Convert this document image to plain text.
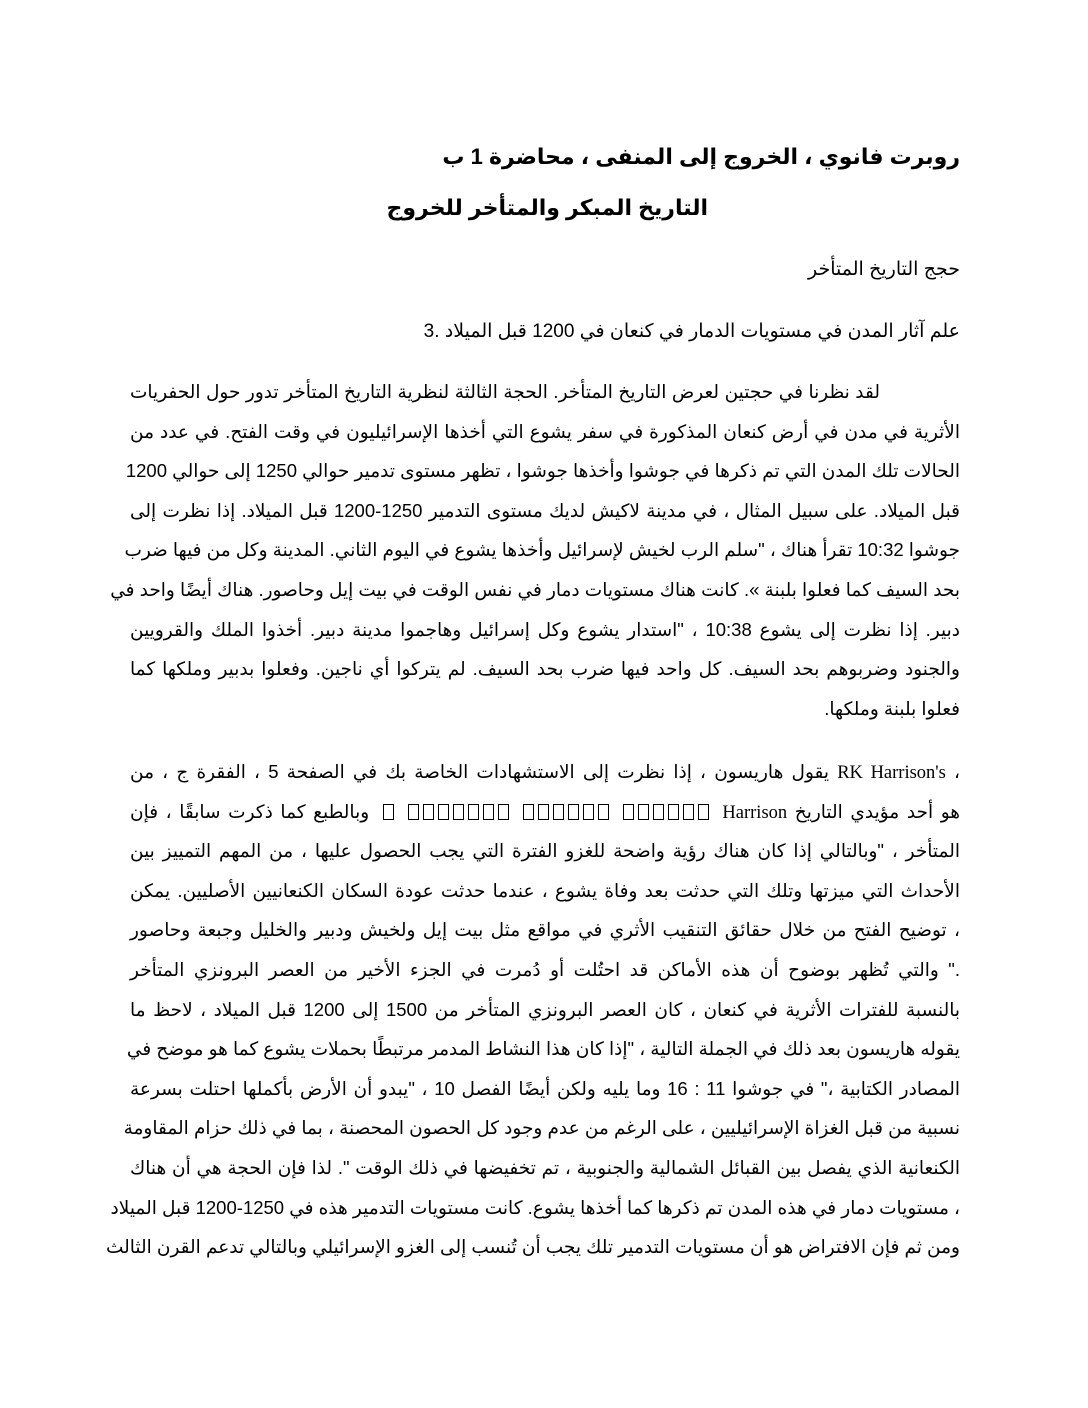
روبرت فانوي ، الخروج إلى المنفى ، محاضرة 1 ب
التاريخ المبكر والمتأخر للخروج
حجج التاريخ المتأخر
علم آثار المدن في مستويات الدمار في كنعان في 1200 قبل الميلاد .3
لقد نظرنا في حجتين لعرض التاريخ المتأخر. الحجة الثالثة لنظرية التاريخ المتأخر تدور حول الحفريات
الأثرية في مدن في أرض كنعان المذكورة في سفر يشوع التي أخذها الإسرائيليون في وقت الفتح. في عدد من
الحالات تلك المدن التي تم ذكرها في جوشوا وأخذها جوشوا ، تظهر مستوى تدمير حوالي 1250 إلى حوالي 1200
قبل الميلاد. على سبيل المثال ، في مدينة لاكيش لديك مستوى التدمير 1250-1200 قبل الميلاد. إذا نظرت إلى
جوشوا 10:32 تقرأ هناك ، "سلم الرب لخيش لإسرائيل وأخذها يشوع في اليوم الثاني. المدينة وكل من فيها ضرب
بحد السيف كما فعلوا بلبنة ». كانت هناك مستويات دمار في نفس الوقت في بيت إيل وحاصور. هناك أيضًا واحد في
دبير. إذا نظرت إلى يشوع 10:38 ، "استدار يشوع وكل إسرائيل وهاجموا مدينة دبير. أخذوا الملك والقرويين
والجنود وضربوهم بحد السيف. كل واحد فيها ضرب بحد السيف. لم يتركوا أي ناجين. وفعلوا بدبير وملكها كما
فعلوا بلبنة وملكها.
، RK Harrison's يقول هاريسون ، إذا نظرت إلى الاستشهادات الخاصة بك في الصفحة 5 ، الفقرة ج ، من
هو أحد مؤيدي التاريخ Harrison  وبالطبع كما ذكرت سابقًا ، فإن
المتأخر ، "وبالتالي إذا كان هناك رؤية واضحة للغزو الفترة التي يجب الحصول عليها ، من المهم التمييز بين
الأحداث التي ميزتها وتلك التي حدثت بعد وفاة يشوع ، عندما حدثت عودة السكان الكنعانيين الأصليين. يمكن
، توضيح الفتح من خلال حقائق التنقيب الأثري في مواقع مثل بيت إيل ولخيش ودبير والخليل وجبعة وحاصور
." والتي تُظهر بوضوح أن هذه الأماكن قد احتُلت أو دُمرت في الجزء الأخير من العصر البرونزي المتأخر
بالنسبة للفترات الأثرية في كنعان ، كان العصر البرونزي المتأخر من 1500 إلى 1200 قبل الميلاد ، لاحظ ما
يقوله هاريسون بعد ذلك في الجملة التالية ، "إذا كان هذا النشاط المدمر مرتبطًا بحملات يشوع كما هو موضح في
المصادر الكتابية ،" في جوشوا 11 : 16 وما يليه ولكن أيضًا الفصل 10 ، "يبدو أن الأرض بأكملها احتلت بسرعة
نسبية من قبل الغزاة الإسرائيليين ، على الرغم من عدم وجود كل الحصون المحصنة ، بما في ذلك حزام المقاومة
الكنعانية الذي يفصل بين القبائل الشمالية والجنوبية ، تم تخفيضها في ذلك الوقت ". لذا فإن الحجة هي أن هناك
، مستويات دمار في هذه المدن تم ذكرها كما أخذها يشوع. كانت مستويات التدمير هذه في 1250-1200 قبل الميلاد
ومن ثم فإن الافتراض هو أن مستويات التدمير تلك يجب أن تُنسب إلى الغزو الإسرائيلي وبالتالي تدعم القرن الثالث
